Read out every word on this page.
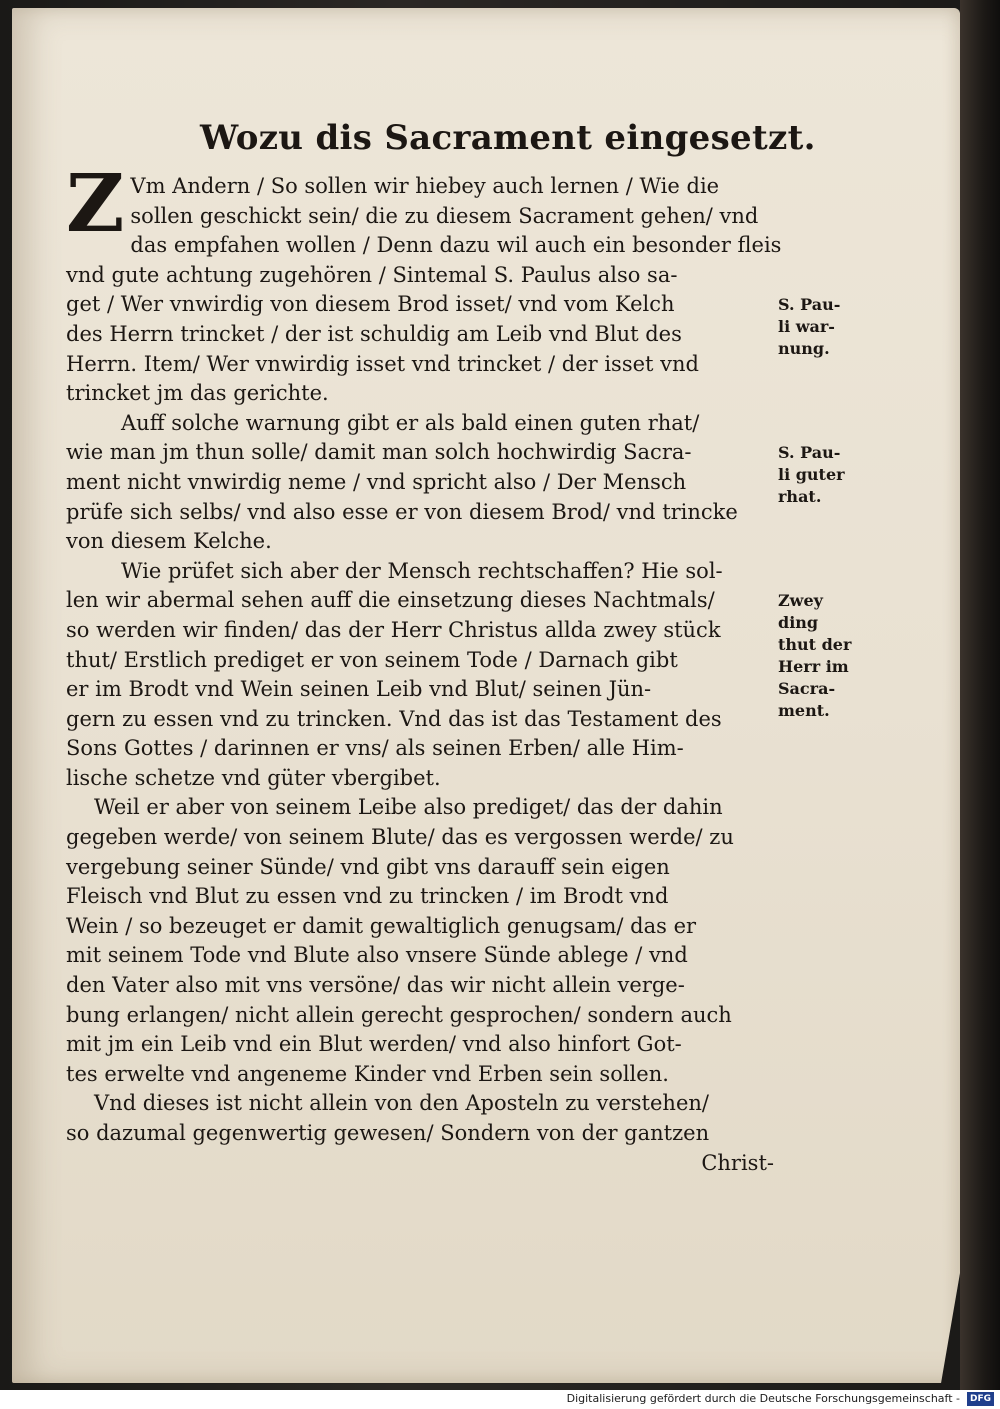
Wozu dis Sacrament eingesetzt.
Z Vm Andern / So sollen wir hiebey auch lernen / Wie die
sollen geschickt sein/ die zu diesem Sacrament gehen/ vnd
das empfahen wollen / Denn dazu wil auch ein besonder fleis
vnd gute achtung zugehören / Sintemal S. Paulus also sa-
get / Wer vnwirdig von diesem Brod isset/ vnd vom Kelch
des Herrn trincket / der ist schuldig am Leib vnd Blut des
Herrn. Item/ Wer vnwirdig isset vnd trincket / der isset vnd
trincket jm das gerichte.
Auff solche warnung gibt er als bald einen guten rhat/
wie man jm thun solle/ damit man solch hochwirdig Sacra-
ment nicht vnwirdig neme / vnd spricht also / Der Mensch
prüfe sich selbs/ vnd also esse er von diesem Brod/ vnd trincke
von diesem Kelche.
Wie prüfet sich aber der Mensch rechtschaffen? Hie sol-
len wir abermal sehen auff die einsetzung dieses Nachtmals/
so werden wir finden/ das der Herr Christus allda zwey stück
thut/ Erstlich prediget er von seinem Tode / Darnach gibt
er im Brodt vnd Wein seinen Leib vnd Blut/ seinen Jün-
gern zu essen vnd zu trincken. Vnd das ist das Testament des
Sons Gottes / darinnen er vns/ als seinen Erben/ alle Him-
lische schetze vnd güter vbergibet.
Weil er aber von seinem Leibe also prediget/ das der dahin
gegeben werde/ von seinem Blute/ das es vergossen werde/ zu
vergebung seiner Sünde/ vnd gibt vns darauff sein eigen
Fleisch vnd Blut zu essen vnd zu trincken / im Brodt vnd
Wein / so bezeuget er damit gewaltiglich genugsam/ das er
mit seinem Tode vnd Blute also vnsere Sünde ablege / vnd
den Vater also mit vns versöne/ das wir nicht allein verge-
bung erlangen/ nicht allein gerecht gesprochen/ sondern auch
mit jm ein Leib vnd ein Blut werden/ vnd also hinfort Got-
tes erwelte vnd angeneme Kinder vnd Erben sein sollen.
Vnd dieses ist nicht allein von den Aposteln zu verstehen/
so dazumal gegenwertig gewesen/ Sondern von der gantzen
Christ-
S. Pau-
li war-
nung.
S. Pau-
li guter
rhat.
Zwey
ding
thut der
Herr im
Sacra-
ment.
Digitalisierung gefördert durch die Deutsche Forschungsgemeinschaft -	DFG
